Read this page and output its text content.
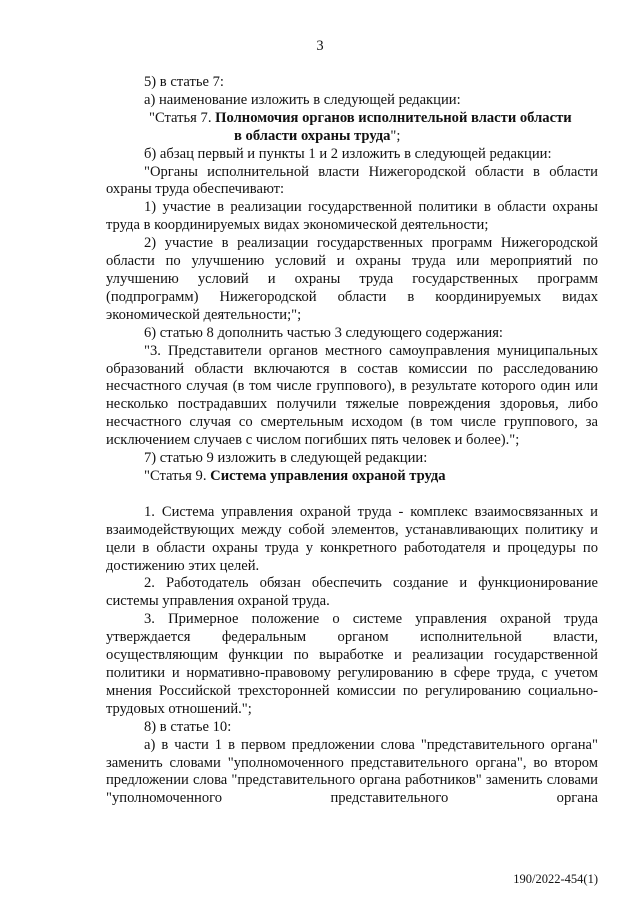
3

5) в статье 7:

а) наименование изложить в следующей редакции:

"Статья 7. Полномочия органов исполнительной власти области

в области охраны труда";

б) абзац первый и пункты 1 и 2 изложить в следующей редакции:

"Органы исполнительной власти Нижегородской области в области охраны труда обеспечивают:

1) участие в реализации государственной политики в области охраны труда в координируемых видах экономической деятельности;

2) участие в реализации государственных программ Нижегородской области по улучшению условий и охраны труда или мероприятий по улучшению условий и охраны труда государственных программ (подпрограмм) Нижегородской области в координируемых видах экономической деятельности;";

6) статью 8 дополнить частью 3 следующего содержания:

"3. Представители органов местного самоуправления муниципальных образований области включаются в состав комиссии по расследованию несчастного случая (в том числе группового), в результате которого один или несколько пострадавших получили тяжелые повреждения здоровья, либо несчастного случая со смертельным исходом (в том числе группового, за исключением случаев с числом погибших пять человек и более).";

7) статью 9 изложить в следующей редакции:

"Статья 9. Система управления охраной труда

1. Система управления охраной труда - комплекс взаимосвязанных и взаимодействующих между собой элементов, устанавливающих политику и цели в области охраны труда у конкретного работодателя и процедуры по достижению этих целей.

2. Работодатель обязан обеспечить создание и функционирование системы управления охраной труда.

3. Примерное положение о системе управления охраной труда утверждается федеральным органом исполнительной власти, осуществляющим функции по выработке и реализации государственной политики и нормативно-правовому регулированию в сфере труда, с учетом мнения Российской трехсторонней комиссии по регулированию социально-трудовых отношений.";

8) в статье 10:

а) в части 1 в первом предложении слова "представительного органа" заменить словами "уполномоченного представительного органа", во втором предложении слова "представительного органа работников" заменить словами "уполномоченного представительного органа

190/2022-454(1)
